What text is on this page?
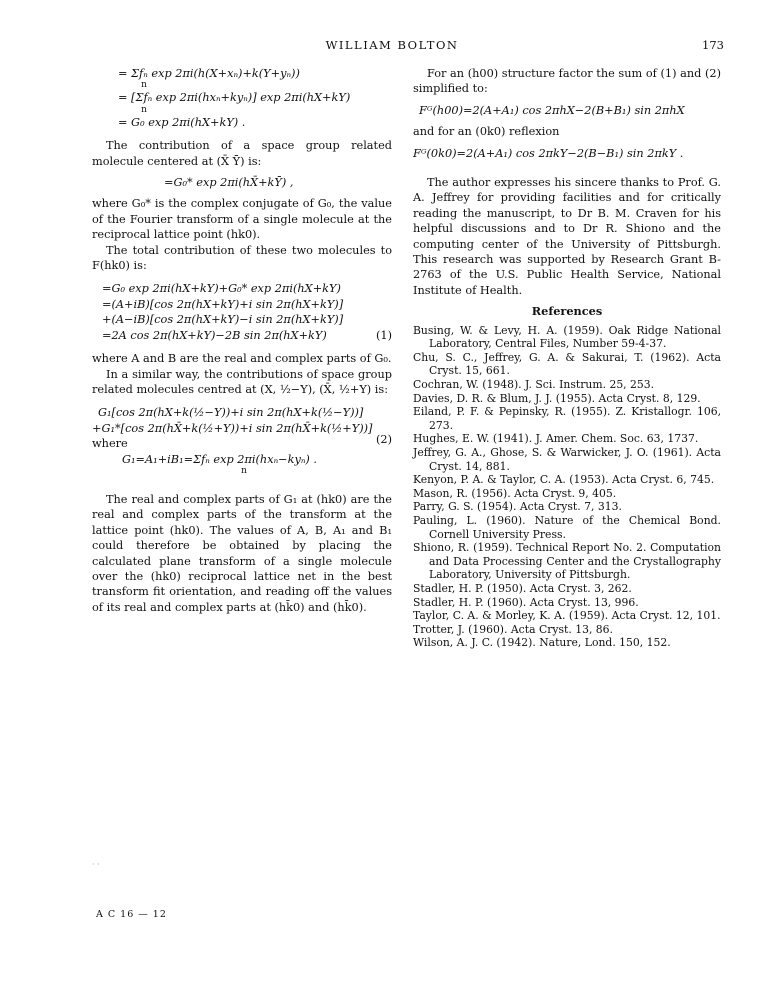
WILLIAM BOLTON	173
= Σfₙ exp 2πi(h(X+xₙ)+k(Y+yₙ))
n
= [Σfₙ exp 2πi(hxₙ+kyₙ)] exp 2πi(hX+kY)
n
= G₀ exp 2πi(hX+kY) .

The contribution of a space group related molecule centered at (X̄ Ȳ) is:

=G₀* exp 2πi(hX̄+kȲ) ,

where G₀* is the complex conjugate of G₀, the value of the Fourier transform of a single molecule at the reciprocal lattice point (hk0).

The total contribution of these two molecules to F(hk0) is:

=G₀ exp 2πi(hX+kY)+G₀* exp 2πi(hX+kY)
=(A+iB)[cos 2π(hX+kY)+i sin 2π(hX+kY)]
+(A−iB)[cos 2π(hX+kY)−i sin 2π(hX+kY)]
=2A cos 2π(hX+kY)−2B sin 2π(hX+kY)	(1)

where A and B are the real and complex parts of G₀.

In a similar way, the contributions of space group related molecules centred at (X, ½−Y), (X̄, ½+Y) is:

G₁[cos 2π(hX+k(½−Y))+i sin 2π(hX+k(½−Y))]
+G₁*[cos 2π(hX̄+k(½+Y))+i sin 2π(hX̄+k(½+Y))]
where	(2)
G₁=A₁+iB₁=Σfₙ exp 2πi(hxₙ−kyₙ) .
n

The real and complex parts of G₁ at (hk0) are the real and complex parts of the transform at the lattice point (hk0). The values of A, B, A₁ and B₁ could therefore be obtained by placing the calculated plane transform of a single molecule over the (hk0) reciprocal lattice net in the best transform fit orientation, and reading off the values of its real and complex parts at (hk̄0) and (hk̄0).

For an (h00) structure factor the sum of (1) and (2) simplified to:

Fᴳ(h00)=2(A+A₁) cos 2πhX−2(B+B₁) sin 2πhX

and for an (0k0) reflexion

Fᴳ(0k0)=2(A+A₁) cos 2πkY−2(B−B₁) sin 2πkY .

The author expresses his sincere thanks to Prof. G. A. Jeffrey for providing facilities and for critically reading the manuscript, to Dr B. M. Craven for his helpful discussions and to Dr R. Shiono and the computing center of the University of Pittsburgh. This research was supported by Research Grant B-2763 of the U.S. Public Health Service, National Institute of Health.

References

Busing, W. & Levy, H. A. (1959). Oak Ridge National Laboratory, Central Files, Number 59-4-37.

Chu, S. C., Jeffrey, G. A. & Sakurai, T. (1962). Acta Cryst. 15, 661.

Cochran, W. (1948). J. Sci. Instrum. 25, 253.

Davies, D. R. & Blum, J. J. (1955). Acta Cryst. 8, 129.

Eiland, P. F. & Pepinsky, R. (1955). Z. Kristallogr. 106, 273.

Hughes, E. W. (1941). J. Amer. Chem. Soc. 63, 1737.

Jeffrey, G. A., Ghose, S. & Warwicker, J. O. (1961). Acta Cryst. 14, 881.

Kenyon, P. A. & Taylor, C. A. (1953). Acta Cryst. 6, 745.

Mason, R. (1956). Acta Cryst. 9, 405.

Parry, G. S. (1954). Acta Cryst. 7, 313.

Pauling, L. (1960). Nature of the Chemical Bond. Cornell University Press.

Shiono, R. (1959). Technical Report No. 2. Computation and Data Processing Center and the Crystallography Laboratory, University of Pittsburgh.

Stadler, H. P. (1950). Acta Cryst. 3, 262.

Stadler, H. P. (1960). Acta Cryst. 13, 996.

Taylor, C. A. & Morley, K. A. (1959). Acta Cryst. 12, 101.

Trotter, J. (1960). Acta Cryst. 13, 86.

Wilson, A. J. C. (1942). Nature, Lond. 150, 152.

· ·
A C 16 — 12
